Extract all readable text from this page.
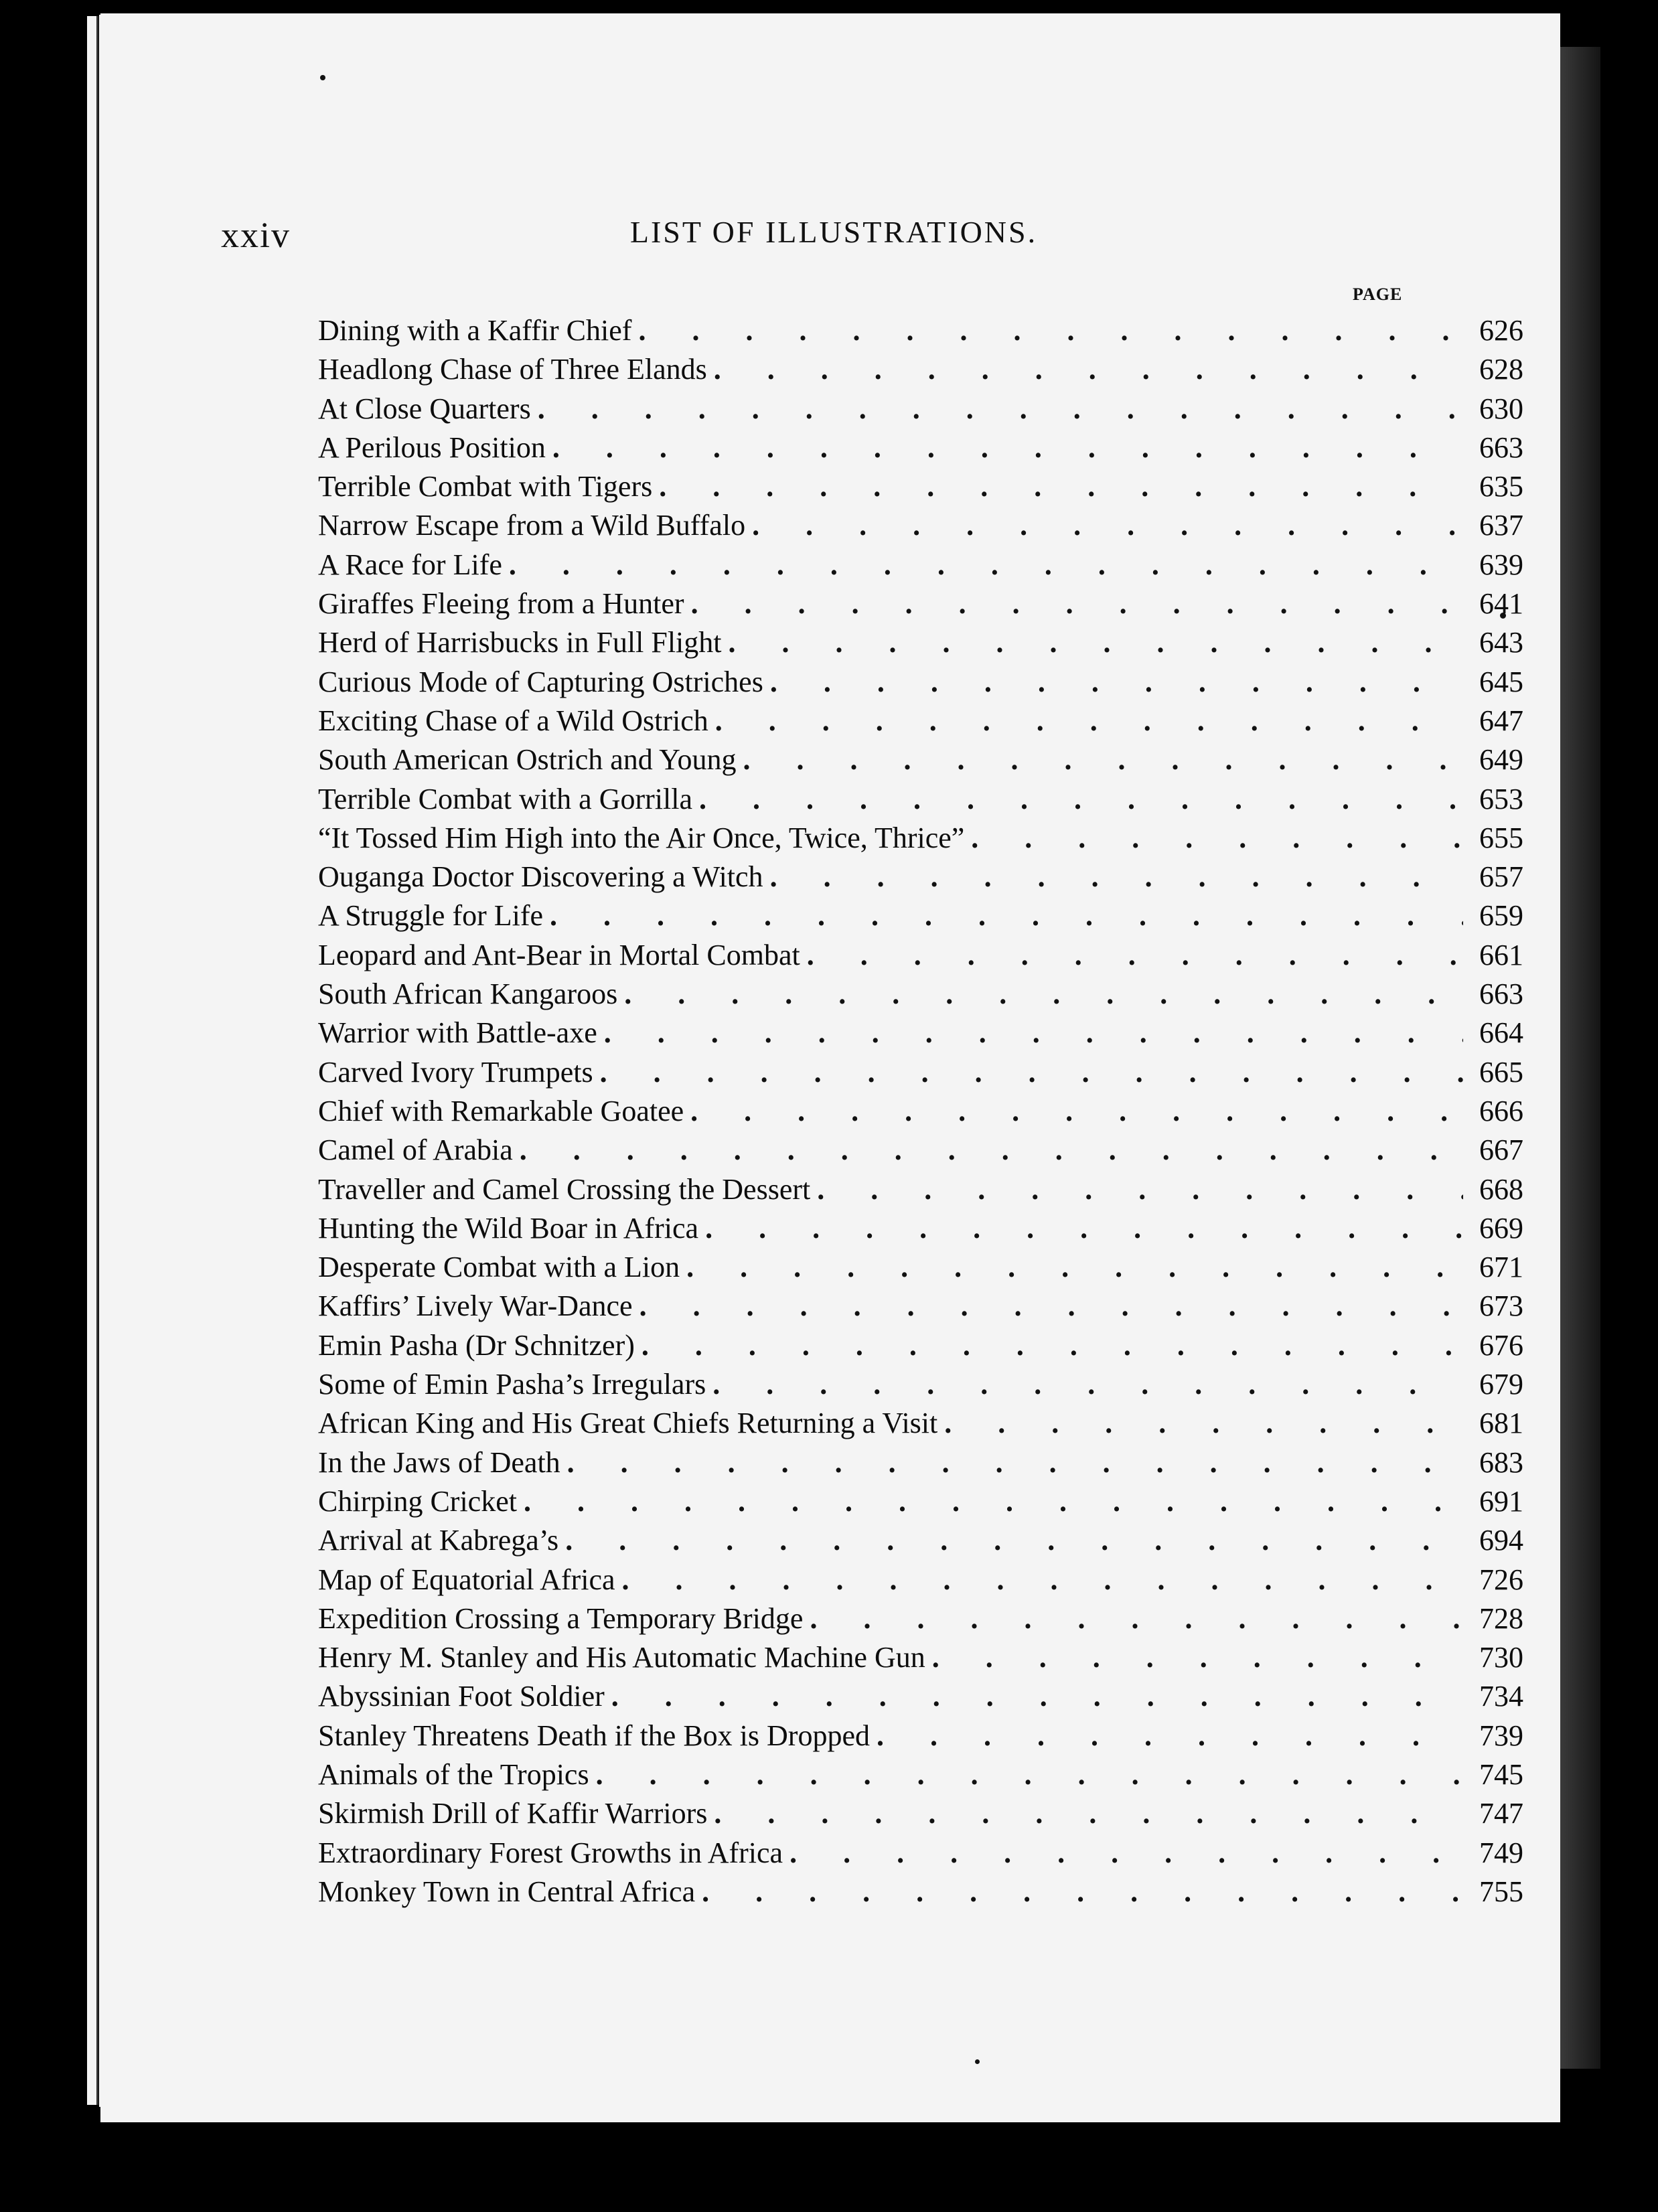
xxiv	LIST OF ILLUSTRATIONS.
PAGE
Dining with a Kaffir Chief . . .	626
Headlong Chase of Three Elands . . .	628
At Close Quarters . . .	630
A Perilous Position . . .	663
Terrible Combat with Tigers . . .	635
Narrow Escape from a Wild Buffalo . . .	637
A Race for Life . . .	639
Giraffes Fleeing from a Hunter . . .	641
Herd of Harrisbucks in Full Flight . . .	643
Curious Mode of Capturing Ostriches . . .	645
Exciting Chase of a Wild Ostrich . . .	647
South American Ostrich and Young . . .	649
Terrible Combat with a Gorrilla . . .	653
“It Tossed Him High into the Air Once, Twice, Thrice” . . .	655
Ouganga Doctor Discovering a Witch . . .	657
A Struggle for Life . . .	659
Leopard and Ant-Bear in Mortal Combat . . .	661
South African Kangaroos . . .	663
Warrior with Battle-axe . . .	664
Carved Ivory Trumpets . . .	665
Chief with Remarkable Goatee . . .	666
Camel of Arabia . . .	667
Traveller and Camel Crossing the Dessert . . .	668
Hunting the Wild Boar in Africa . . .	669
Desperate Combat with a Lion . . .	671
Kaffirs’ Lively War-Dance . . .	673
Emin Pasha (Dr Schnitzer) . . .	676
Some of Emin Pasha’s Irregulars . . .	679
African King and His Great Chiefs Returning a Visit . . .	681
In the Jaws of Death . . .	683
Chirping Cricket . . .	691
Arrival at Kabrega’s . . .	694
Map of Equatorial Africa . . .	726
Expedition Crossing a Temporary Bridge . . .	728
Henry M. Stanley and His Automatic Machine Gun . . .	730
Abyssinian Foot Soldier . . .	734
Stanley Threatens Death if the Box is Dropped . . .	739
Animals of the Tropics . . .	745
Skirmish Drill of Kaffir Warriors . . .	747
Extraordinary Forest Growths in Africa . . .	749
Monkey Town in Central Africa . . .	755
